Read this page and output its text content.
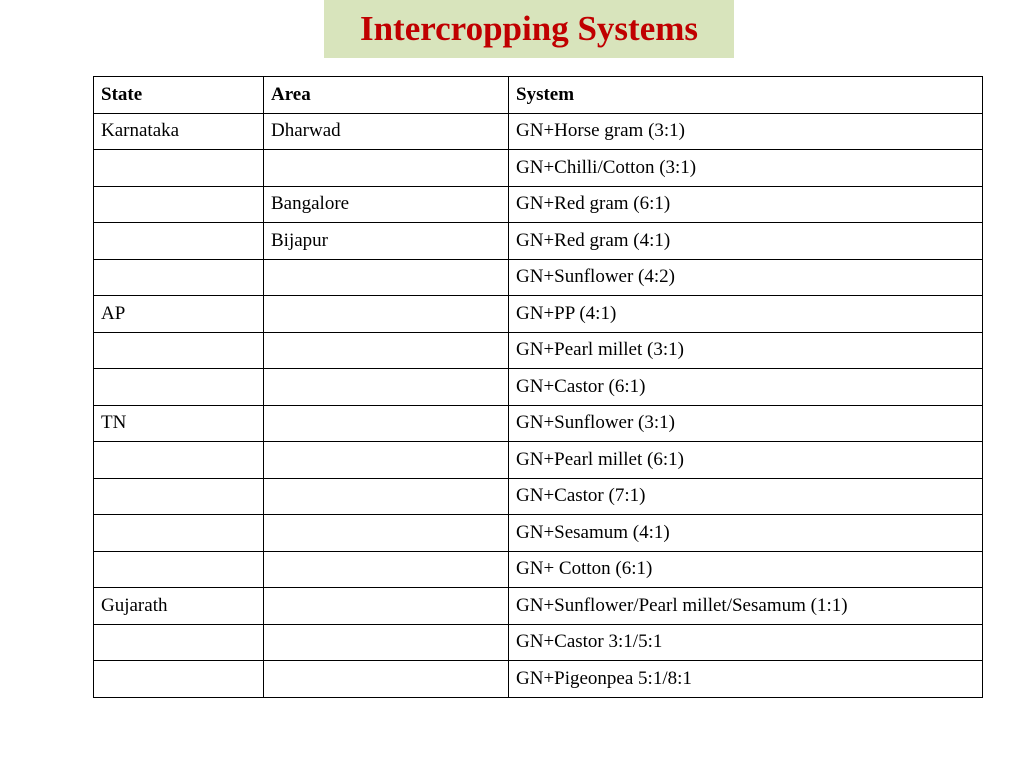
Intercropping Systems
State	Area	System
Karnataka	Dharwad	GN+Horse gram (3:1)
		GN+Chilli/Cotton (3:1)
	Bangalore	GN+Red gram (6:1)
	Bijapur	GN+Red gram (4:1)
		GN+Sunflower (4:2)
AP		GN+PP (4:1)
		GN+Pearl millet (3:1)
		GN+Castor (6:1)
TN		GN+Sunflower (3:1)
		GN+Pearl millet (6:1)
		GN+Castor (7:1)
		GN+Sesamum (4:1)
		GN+ Cotton (6:1)
Gujarath		GN+Sunflower/Pearl millet/Sesamum (1:1)
		GN+Castor 3:1/5:1
		GN+Pigeonpea 5:1/8:1
